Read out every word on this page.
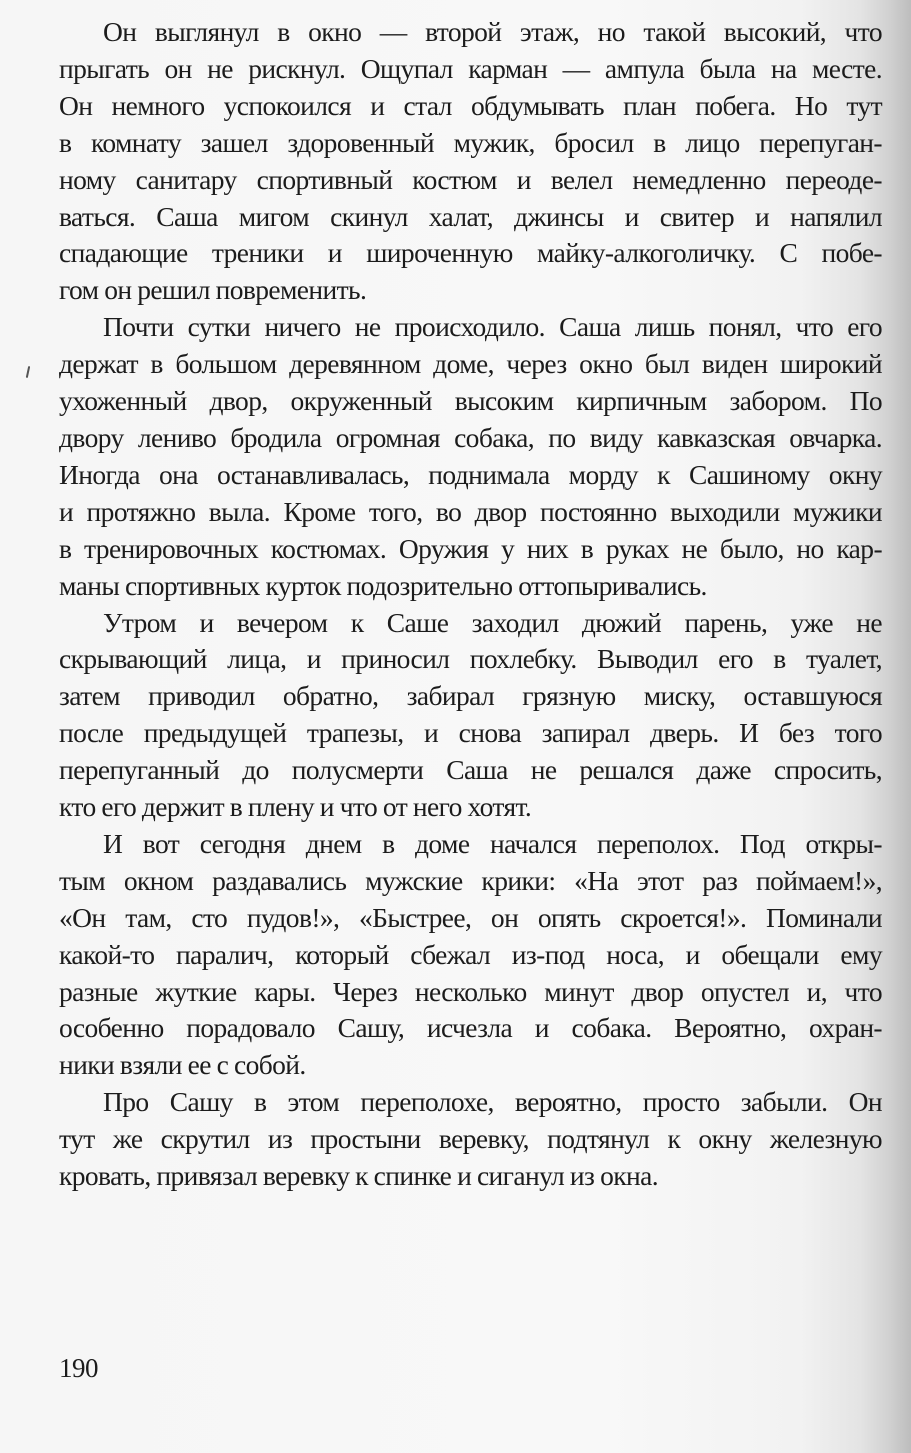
Он выглянул в окно — второй этаж, но такой высокий, что
прыгать он не рискнул. Ощупал карман — ампула была на месте.
Он немного успокоился и стал обдумывать план побега. Но тут
в комнату зашел здоровенный мужик, бросил в лицо перепуган-
ному санитару спортивный костюм и велел немедленно переоде-
ваться. Саша мигом скинул халат, джинсы и свитер и напялил
спадающие треники и широченную майку-алкоголичку. С побе-
гом он решил повременить.
Почти сутки ничего не происходило. Саша лишь понял, что его
держат в большом деревянном доме, через окно был виден широкий
ухоженный двор, окруженный высоким кирпичным забором. По
двору лениво бродила огромная собака, по виду кавказская овчарка.
Иногда она останавливалась, поднимала морду к Сашиному окну
и протяжно выла. Кроме того, во двор постоянно выходили мужики
в тренировочных костюмах. Оружия у них в руках не было, но кар-
маны спортивных курток подозрительно оттопыривались.
Утром и вечером к Саше заходил дюжий парень, уже не
скрывающий лица, и приносил похлебку. Выводил его в туалет,
затем приводил обратно, забирал грязную миску, оставшуюся
после предыдущей трапезы, и снова запирал дверь. И без того
перепуганный до полусмерти Саша не решался даже спросить,
кто его держит в плену и что от него хотят.
И вот сегодня днем в доме начался переполох. Под откры-
тым окном раздавались мужские крики: «На этот раз поймаем!»,
«Он там, сто пудов!», «Быстрее, он опять скроется!». Поминали
какой-то паралич, который сбежал из-под носа, и обещали ему
разные жуткие кары. Через несколько минут двор опустел и, что
особенно порадовало Сашу, исчезла и собака. Вероятно, охран-
ники взяли ее с собой.
Про Сашу в этом переполохе, вероятно, просто забыли. Он
тут же скрутил из простыни веревку, подтянул к окну железную
кровать, привязал веревку к спинке и сиганул из окна.
190
